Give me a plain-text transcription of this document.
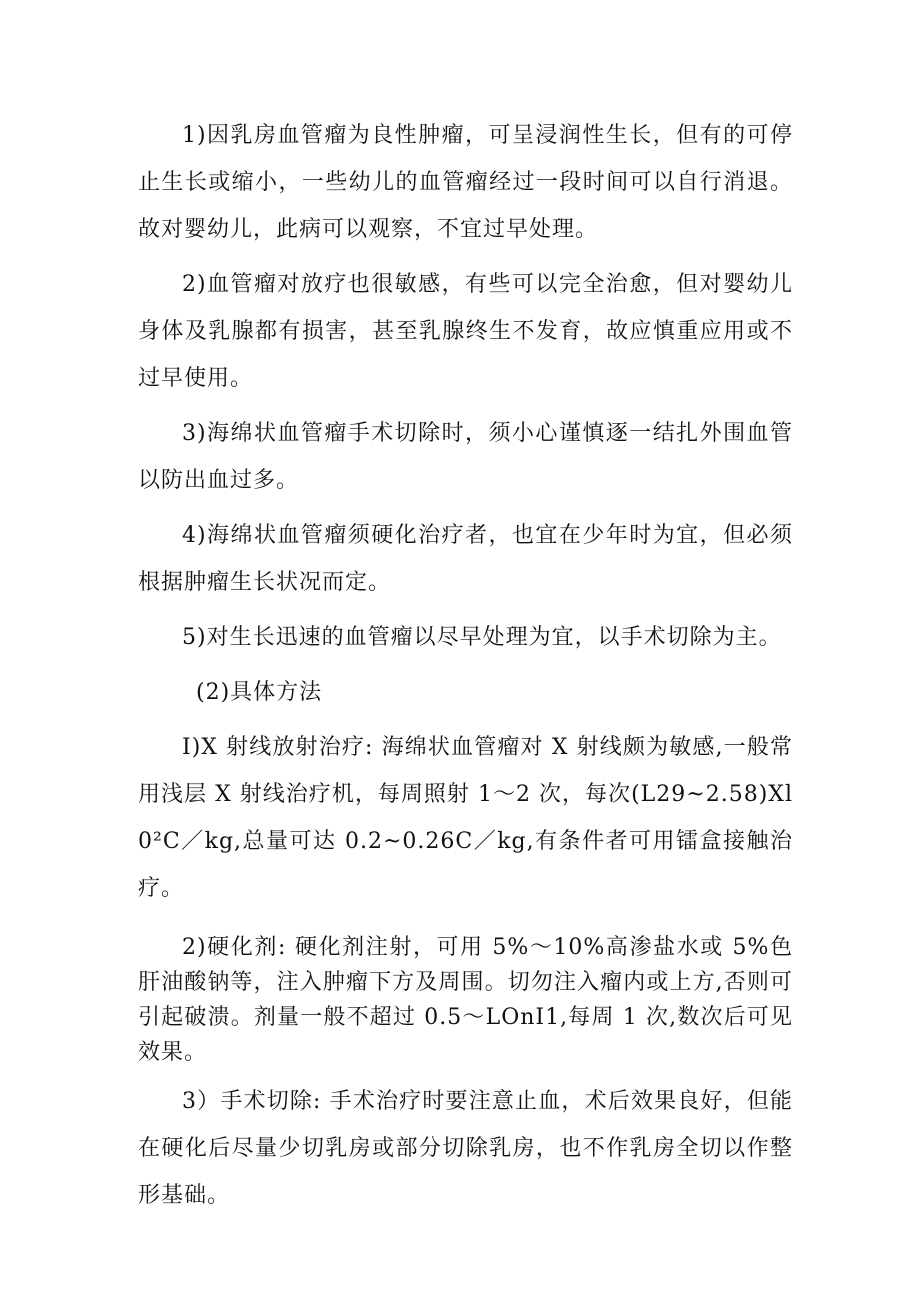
1)因乳房血管瘤为良性肿瘤，可呈浸润性生长，但有的可停止生长或缩小，一些幼儿的血管瘤经过一段时间可以自行消退。故对婴幼儿，此病可以观察，不宜过早处理。

2)血管瘤对放疗也很敏感，有些可以完全治愈，但对婴幼儿身体及乳腺都有损害，甚至乳腺终生不发育，故应慎重应用或不过早使用。

3)海绵状血管瘤手术切除时，须小心谨慎逐一结扎外围血管以防出血过多。

4)海绵状血管瘤须硬化治疗者，也宜在少年时为宜，但必须根据肿瘤生长状况而定。

5)对生长迅速的血管瘤以尽早处理为宜，以手术切除为主。

(2)具体方法

I)X 射线放射治疗: 海绵状血管瘤对 X 射线颇为敏感,一般常用浅层 X 射线治疗机，每周照射 1～2 次，每次(L29~2.58)Xl0²C／kg,总量可达 0.2~0.26C／kg,有条件者可用镭盒接触治疗。

2)硬化剂: 硬化剂注射，可用 5%～10%高渗盐水或 5%色肝油酸钠等，注入肿瘤下方及周围。切勿注入瘤内或上方,否则可引起破溃。剂量一般不超过 0.5～LOnI1,每周 1 次,数次后可见效果。

3）手术切除: 手术治疗时要注意止血，术后效果良好，但能在硬化后尽量少切乳房或部分切除乳房，也不作乳房全切以作整形基础。
